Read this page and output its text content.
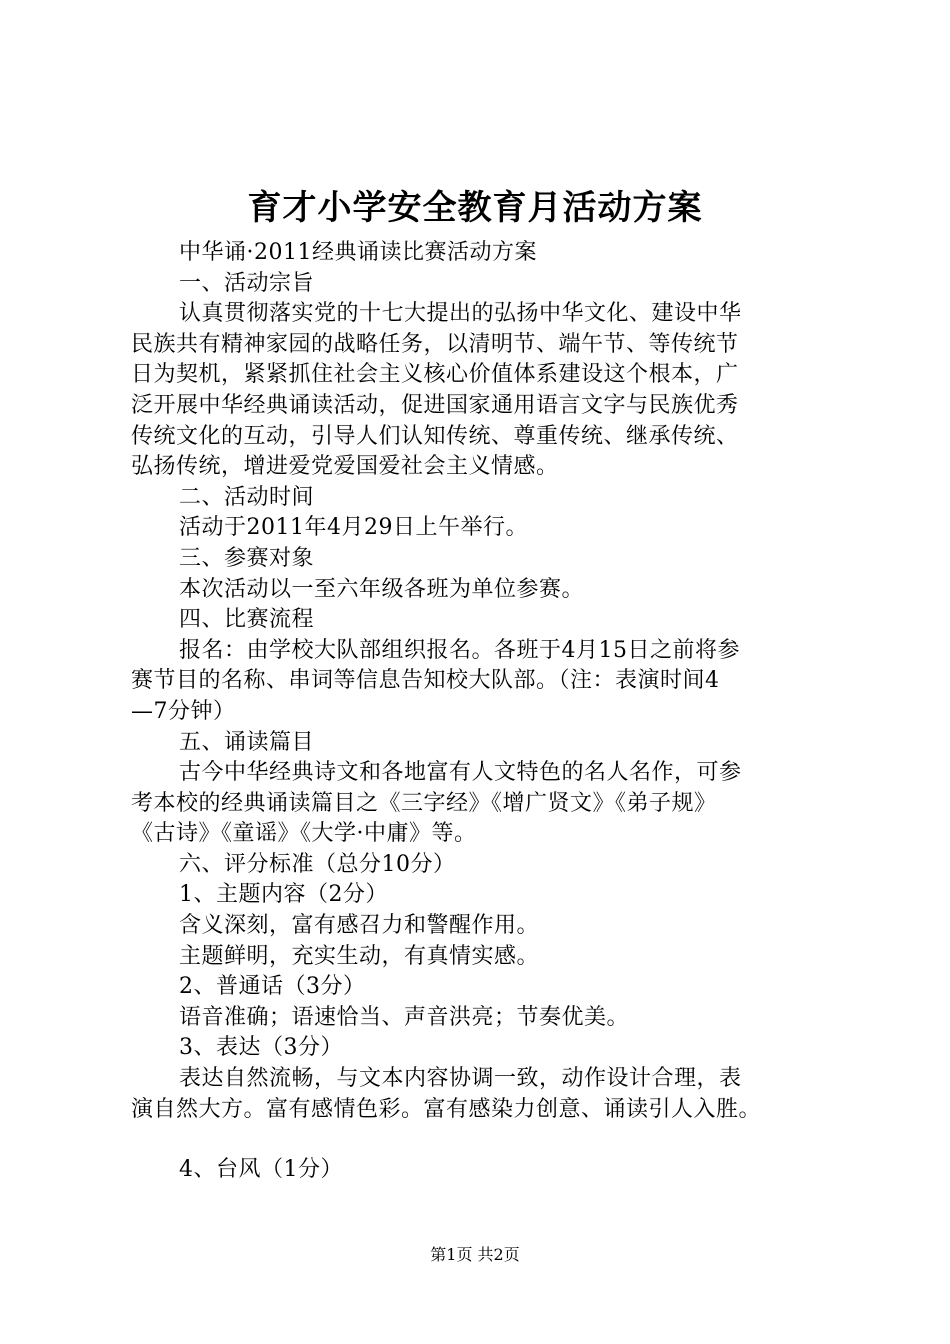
育才小学安全教育月活动方案
中华诵·2011经典诵读比赛活动方案
一、活动宗旨
认真贯彻落实党的十七大提出的弘扬中华文化、建设中华
民族共有精神家园的战略任务，以清明节、端午节、等传统节
日为契机，紧紧抓住社会主义核心价值体系建设这个根本，广
泛开展中华经典诵读活动，促进国家通用语言文字与民族优秀
传统文化的互动，引导人们认知传统、尊重传统、继承传统、
弘扬传统，增进爱党爱国爱社会主义情感。
二、活动时间
活动于2011年4月29日上午举行。
三、参赛对象
本次活动以一至六年级各班为单位参赛。
四、比赛流程
报名：由学校大队部组织报名。各班于4月15日之前将参
赛节目的名称、串词等信息告知校大队部。（注：表演时间4
—7分钟）
五、诵读篇目
古今中华经典诗文和各地富有人文特色的名人名作，可参
考本校的经典诵读篇目之《三字经》《增广贤文》《弟子规》
《古诗》《童谣》《大学·中庸》等。
六、评分标准（总分10分）
1、主题内容（2分）
含义深刻，富有感召力和警醒作用。
主题鲜明，充实生动，有真情实感。
2、普通话（3分）
语音准确；语速恰当、声音洪亮；节奏优美。
3、表达（3分）
表达自然流畅，与文本内容协调一致，动作设计合理，表
演自然大方。富有感情色彩。富有感染力创意、诵读引人入胜。
4、台风（1分）
第1页 共2页
